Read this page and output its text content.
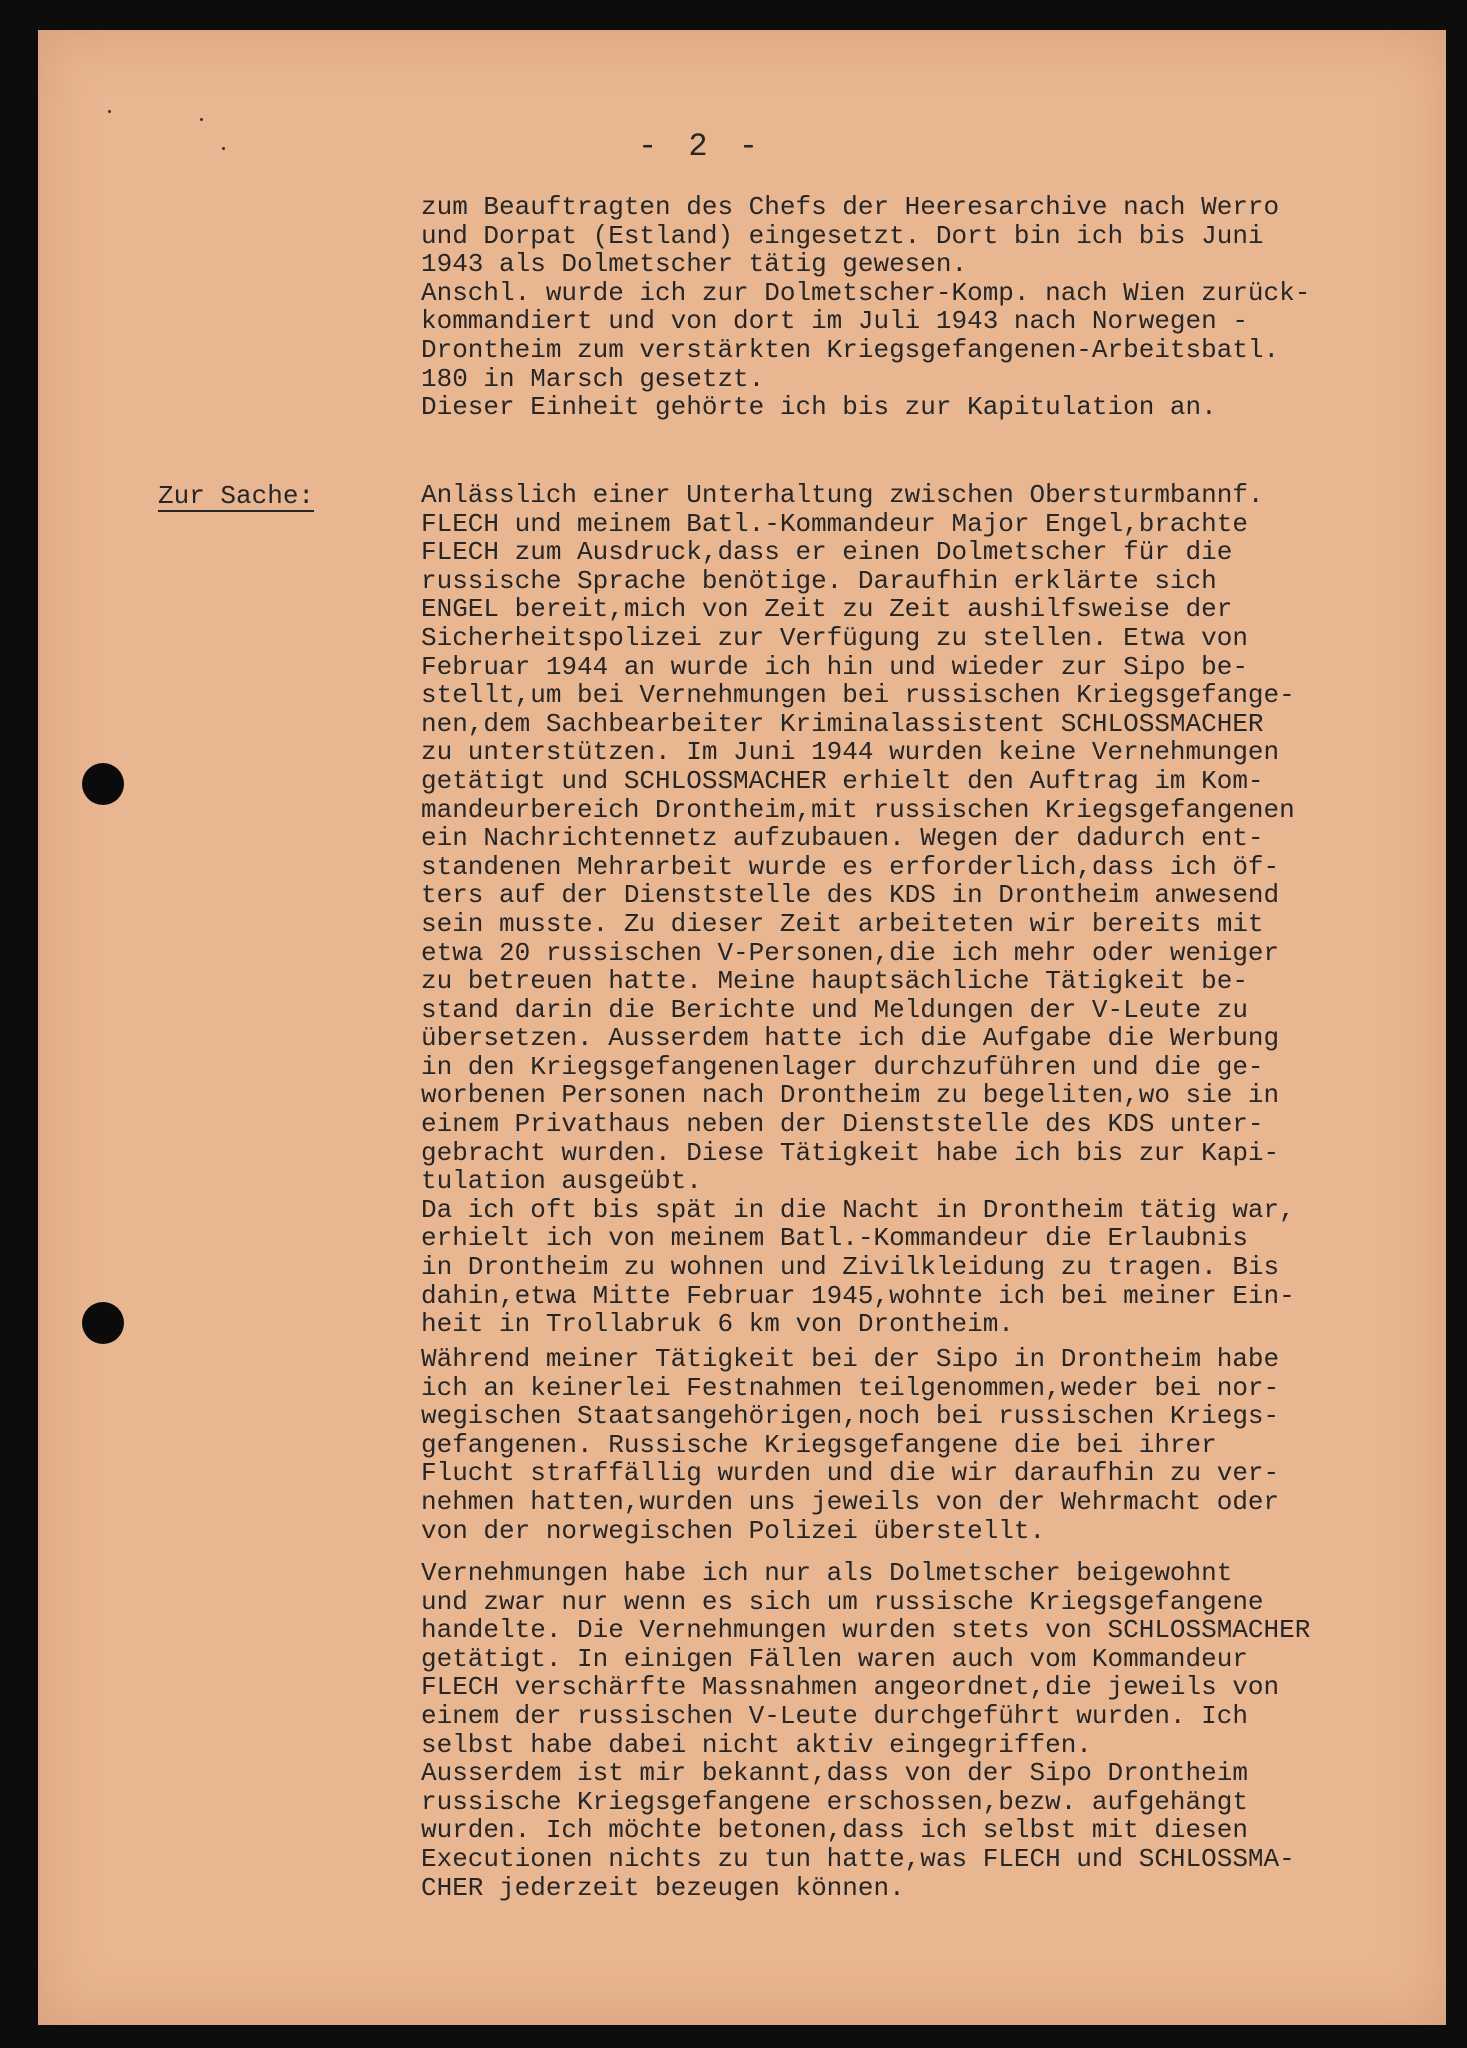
- 2 -
Zur Sache:
zum Beauftragten des Chefs der Heeresarchive nach Werro
und Dorpat (Estland) eingesetzt. Dort bin ich bis Juni
1943 als Dolmetscher tätig gewesen.
Anschl. wurde ich zur Dolmetscher-Komp. nach Wien zurück-
kommandiert und von dort im Juli 1943 nach Norwegen -
Drontheim zum verstärkten Kriegsgefangenen-Arbeitsbatl.
180 in Marsch gesetzt.
Dieser Einheit gehörte ich bis zur Kapitulation an.
Anlässlich einer Unterhaltung zwischen Obersturmbannf.
FLECH und meinem Batl.-Kommandeur Major Engel,brachte
FLECH zum Ausdruck,dass er einen Dolmetscher für die
russische Sprache benötige. Daraufhin erklärte sich
ENGEL bereit,mich von Zeit zu Zeit aushilfsweise der
Sicherheitspolizei zur Verfügung zu stellen. Etwa von
Februar 1944 an wurde ich hin und wieder zur Sipo be-
stellt,um bei Vernehmungen bei russischen Kriegsgefange-
nen,dem Sachbearbeiter Kriminalassistent SCHLOSSMACHER
zu unterstützen. Im Juni 1944 wurden keine Vernehmungen
getätigt und SCHLOSSMACHER erhielt den Auftrag im Kom-
mandeurbereich Drontheim,mit russischen Kriegsgefangenen
ein Nachrichtennetz aufzubauen. Wegen der dadurch ent-
standenen Mehrarbeit wurde es erforderlich,dass ich öf-
ters auf der Dienststelle des KDS in Drontheim anwesend
sein musste. Zu dieser Zeit arbeiteten wir bereits mit
etwa 20 russischen V-Personen,die ich mehr oder weniger
zu betreuen hatte. Meine hauptsächliche Tätigkeit be-
stand darin die Berichte und Meldungen der V-Leute zu
übersetzen. Ausserdem hatte ich die Aufgabe die Werbung
in den Kriegsgefangenenlager durchzuführen und die ge-
worbenen Personen nach Drontheim zu begeliten,wo sie in
einem Privathaus neben der Dienststelle des KDS unter-
gebracht wurden. Diese Tätigkeit habe ich bis zur Kapi-
tulation ausgeübt.
Da ich oft bis spät in die Nacht in Drontheim tätig war,
erhielt ich von meinem Batl.-Kommandeur die Erlaubnis
in Drontheim zu wohnen und Zivilkleidung zu tragen. Bis
dahin,etwa Mitte Februar 1945,wohnte ich bei meiner Ein-
heit in Trollabruk 6 km von Drontheim.
Während meiner Tätigkeit bei der Sipo in Drontheim habe
ich an keinerlei Festnahmen teilgenommen,weder bei nor-
wegischen Staatsangehörigen,noch bei russischen Kriegs-
gefangenen. Russische Kriegsgefangene die bei ihrer
Flucht straffällig wurden und die wir daraufhin zu ver-
nehmen hatten,wurden uns jeweils von der Wehrmacht oder
von der norwegischen Polizei überstellt.
Vernehmungen habe ich nur als Dolmetscher beigewohnt
und zwar nur wenn es sich um russische Kriegsgefangene
handelte. Die Vernehmungen wurden stets von SCHLOSSMACHER
getätigt. In einigen Fällen waren auch vom Kommandeur
FLECH verschärfte Massnahmen angeordnet,die jeweils von
einem der russischen V-Leute durchgeführt wurden. Ich
selbst habe dabei nicht aktiv eingegriffen.
Ausserdem ist mir bekannt,dass von der Sipo Drontheim
russische Kriegsgefangene erschossen,bezw. aufgehängt
wurden. Ich möchte betonen,dass ich selbst mit diesen
Executionen nichts zu tun hatte,was FLECH und SCHLOSSMA-
CHER jederzeit bezeugen können.
